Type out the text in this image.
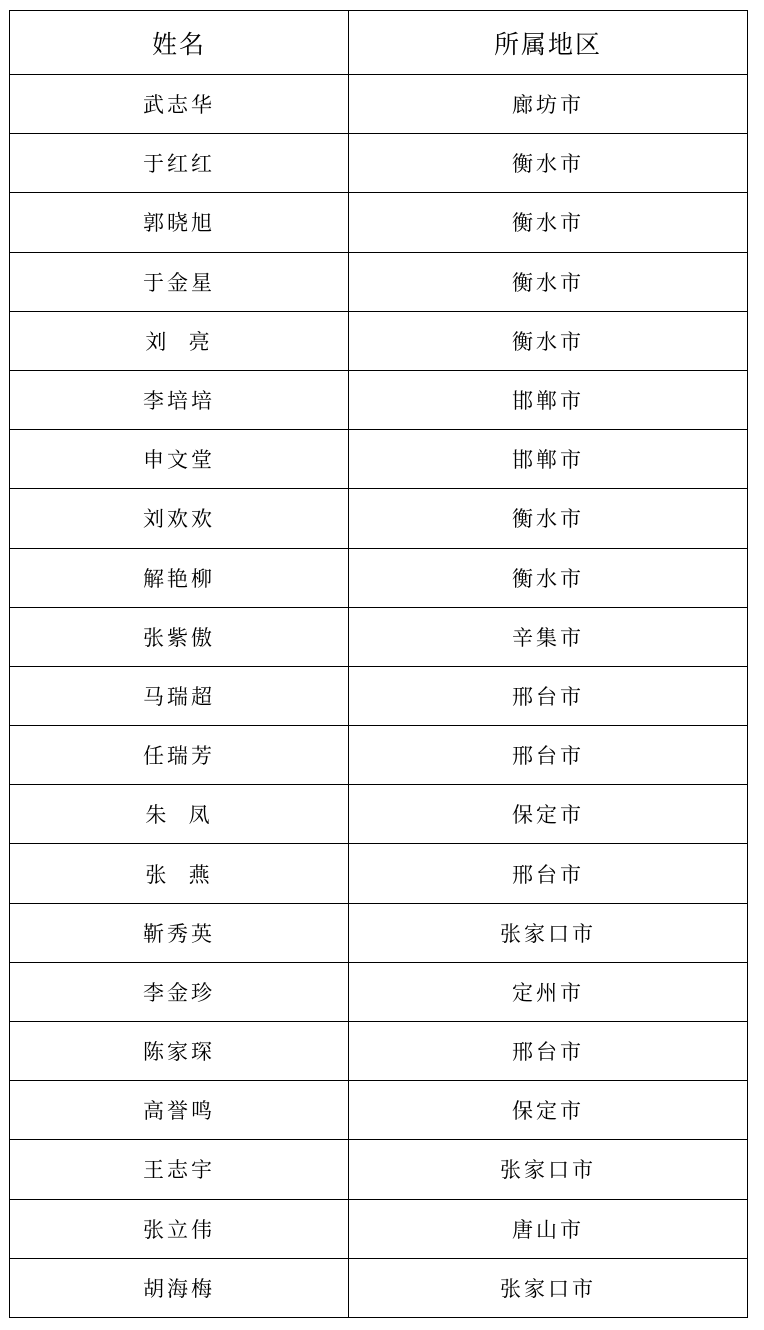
姓名	所属地区
武志华	廊坊市
于红红	衡水市
郭晓旭	衡水市
于金星	衡水市
刘  亮	衡水市
李培培	邯郸市
申文堂	邯郸市
刘欢欢	衡水市
解艳柳	衡水市
张紫傲	辛集市
马瑞超	邢台市
任瑞芳	邢台市
朱  凤	保定市
张  燕	邢台市
靳秀英	张家口市
李金珍	定州市
陈家琛	邢台市
高誉鸣	保定市
王志宇	张家口市
张立伟	唐山市
胡海梅	张家口市
